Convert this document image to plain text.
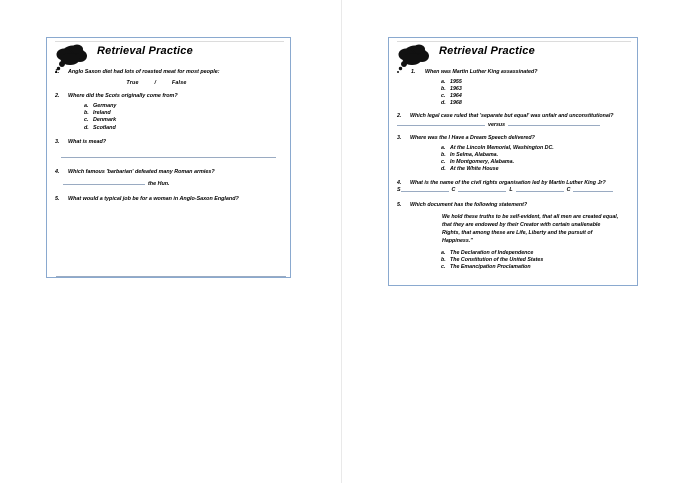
Retrieval Practice
1.	Anglo Saxon diet had lots of roasted meat for most people:
True	/	False
2.	Where did the Scots originally come from?
a. Germany
b. Ireland
c. Denmark
d. Scotland
3.	What is mead?
4.	Which famous 'barbarian' defeated many Roman armies?
the Hun.
5.	What would a typical job be for a woman in Anglo-Saxon England?
Retrieval Practice
1.	When was Martin Luther King assassinated?
a. 1955
b. 1963
c. 1964
d. 1968
2.	Which legal case ruled that 'separate but equal' was unfair and unconstitutional?
versus
3.	Where was the I Have a Dream Speech delivered?
a. At the Lincoln Memorial, Washington DC.
b. In Selma, Alabama.
c. In Montgomery, Alabama.
d. At the White House
4.	What is the name of the civil rights organisation led by Martin Luther King Jr?
S	C	L	C
5.	Which document has the following statement?
We hold these truths to be self-evident, that all men are created equal, that they are endowed by their Creator with certain unalienable Rights, that among these are Life, Liberty and the pursuit of Happiness."
a. The Declaration of Independence
b. The Constitution of the United States
c. The Emancipation Proclamation
